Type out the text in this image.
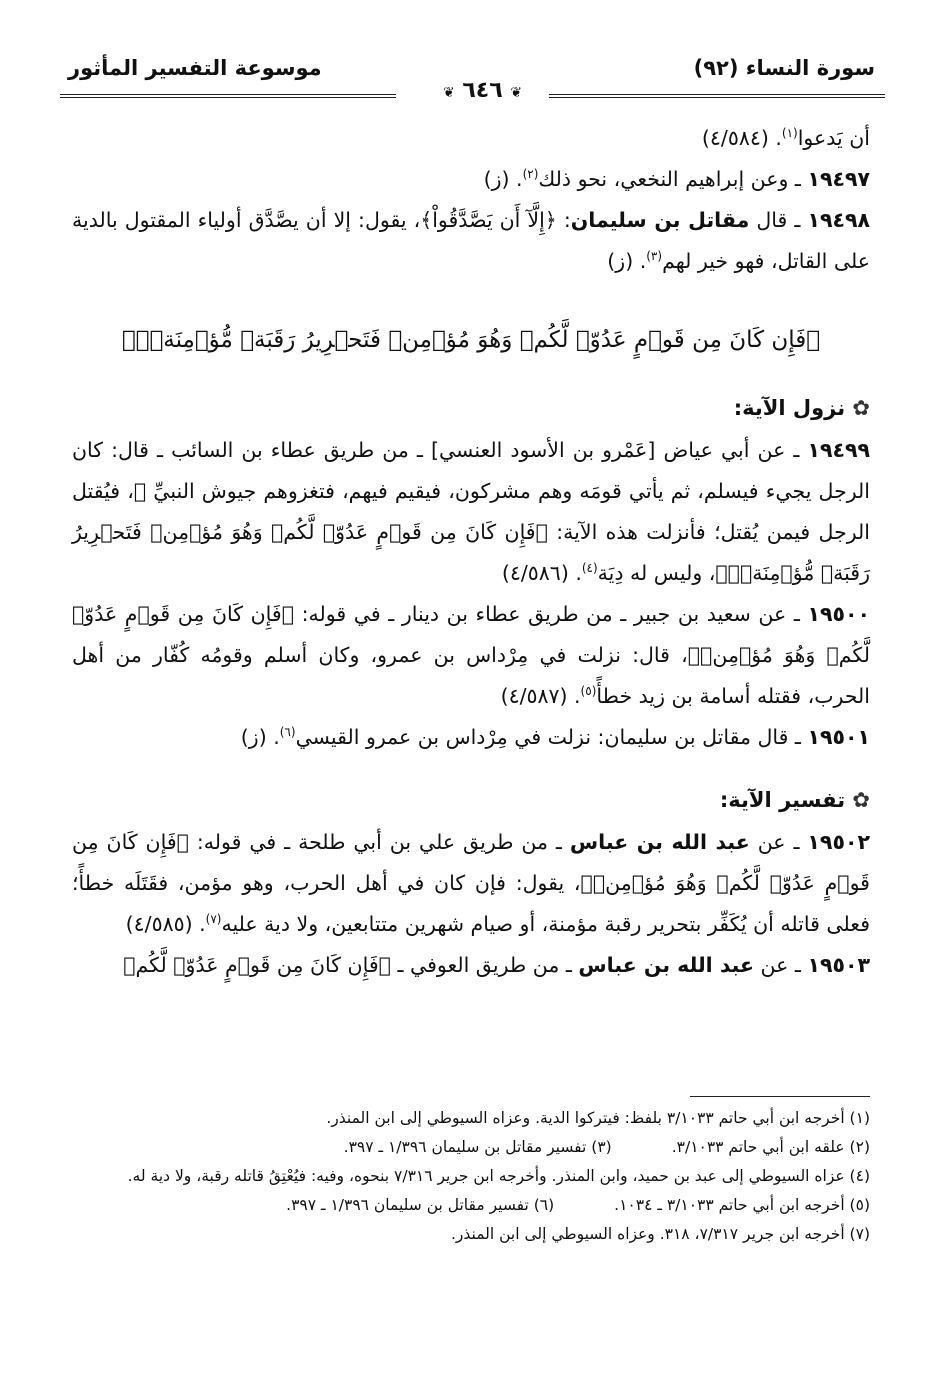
سورة النساء (٩٢)
موسوعة التفسير المأثور
❦ ٦٤٦ ❦

أن يَدعوا$^{(١)}$. (٤/٥٨٤)

١٩٤٩٧ ـ وعن إبراهيم النخعي، نحو ذلك$^{(٢)}$. (ز)

١٩٤٩٨ ـ قال مقاتل بن سليمان: ﴿إِلَّآ أَن يَصَّدَّقُواْ﴾، يقول: إلا أن يصَّدَّق أولياء المقتول بالدية على القاتل، فهو خير لهم$^{(٣)}$. (ز)

﴿فَإِن كَانَ مِن قَوۡمٍ عَدُوّٖ لَّكُمۡ وَهُوَ مُؤۡمِنٞ فَتَحۡرِيرُ رَقَبَةٖ مُّؤۡمِنَةٖۖ﴾
✿ نزول الآية:

١٩٤٩٩ ـ عن أبي عياض [عَمْرو بن الأسود العنسي] ـ من طريق عطاء بن السائب ـ قال: كان الرجل يجيء فيسلم، ثم يأتي قومَه وهم مشركون، فيقيم فيهم، فتغزوهم جيوش النبيِّ ﷺ، فيُقتل الرجل فيمن يُقتل؛ فأنزلت هذه الآية: ﴿فَإِن كَانَ مِن قَوۡمٍ عَدُوّٖ لَّكُمۡ وَهُوَ مُؤۡمِنٞ فَتَحۡرِيرُ رَقَبَةٖ مُّؤۡمِنَةٖۖ﴾، وليس له دِيَة$^{(٤)}$. (٤/٥٨٦)

١٩٥٠٠ ـ عن سعيد بن جبير ـ من طريق عطاء بن دينار ـ في قوله: ﴿فَإِن كَانَ مِن قَوۡمٍ عَدُوّٖ لَّكُمۡ وَهُوَ مُؤۡمِنٞ﴾، قال: نزلت في مِرْداس بن عمرو، وكان أسلم وقومُه كُفّار من أهل الحرب، فقتله أسامة بن زيد خطأً$^{(٥)}$. (٤/٥٨٧)

١٩٥٠١ ـ قال مقاتل بن سليمان: نزلت في مِرْداس بن عمرو القيسي$^{(٦)}$. (ز)

✿ تفسير الآية:

١٩٥٠٢ ـ عن عبد الله بن عباس ـ من طريق علي بن أبي طلحة ـ في قوله: ﴿فَإِن كَانَ مِن قَوۡمٍ عَدُوّٖ لَّكُمۡ وَهُوَ مُؤۡمِنٞ﴾، يقول: فإن كان في أهل الحرب، وهو مؤمن، فقَتَلَه خطأً؛ فعلى قاتله أن يُكَفِّر بتحرير رقبة مؤمنة، أو صيام شهرين متتابعين، ولا دية عليه$^{(٧)}$. (٤/٥٨٥)

١٩٥٠٣ ـ عن عبد الله بن عباس ـ من طريق العوفي ـ ﴿فَإِن كَانَ مِن قَوۡمٍ عَدُوّٖ لَّكُمۡ

(١) أخرجه ابن أبي حاتم ٣/١٠٣٣ بلفظ: فيتركوا الدية. وعزاه السيوطي إلى ابن المنذر.

(٢) علقه ابن أبي حاتم ٣/١٠٣٣.

(٣) تفسير مقاتل بن سليمان ١/٣٩٦ ـ ٣٩٧.

(٤) عزاه السيوطي إلى عبد بن حميد، وابن المنذر. وأخرجه ابن جرير ٧/٣١٦ بنحوه، وفيه: فيُعْتِقُ قاتله رقبة، ولا دية له.

(٥) أخرجه ابن أبي حاتم ٣/١٠٣٣ ـ ١٠٣٤.

(٦) تفسير مقاتل بن سليمان ١/٣٩٦ ـ ٣٩٧.

(٧) أخرجه ابن جرير ٧/٣١٧، ٣١٨. وعزاه السيوطي إلى ابن المنذر.
